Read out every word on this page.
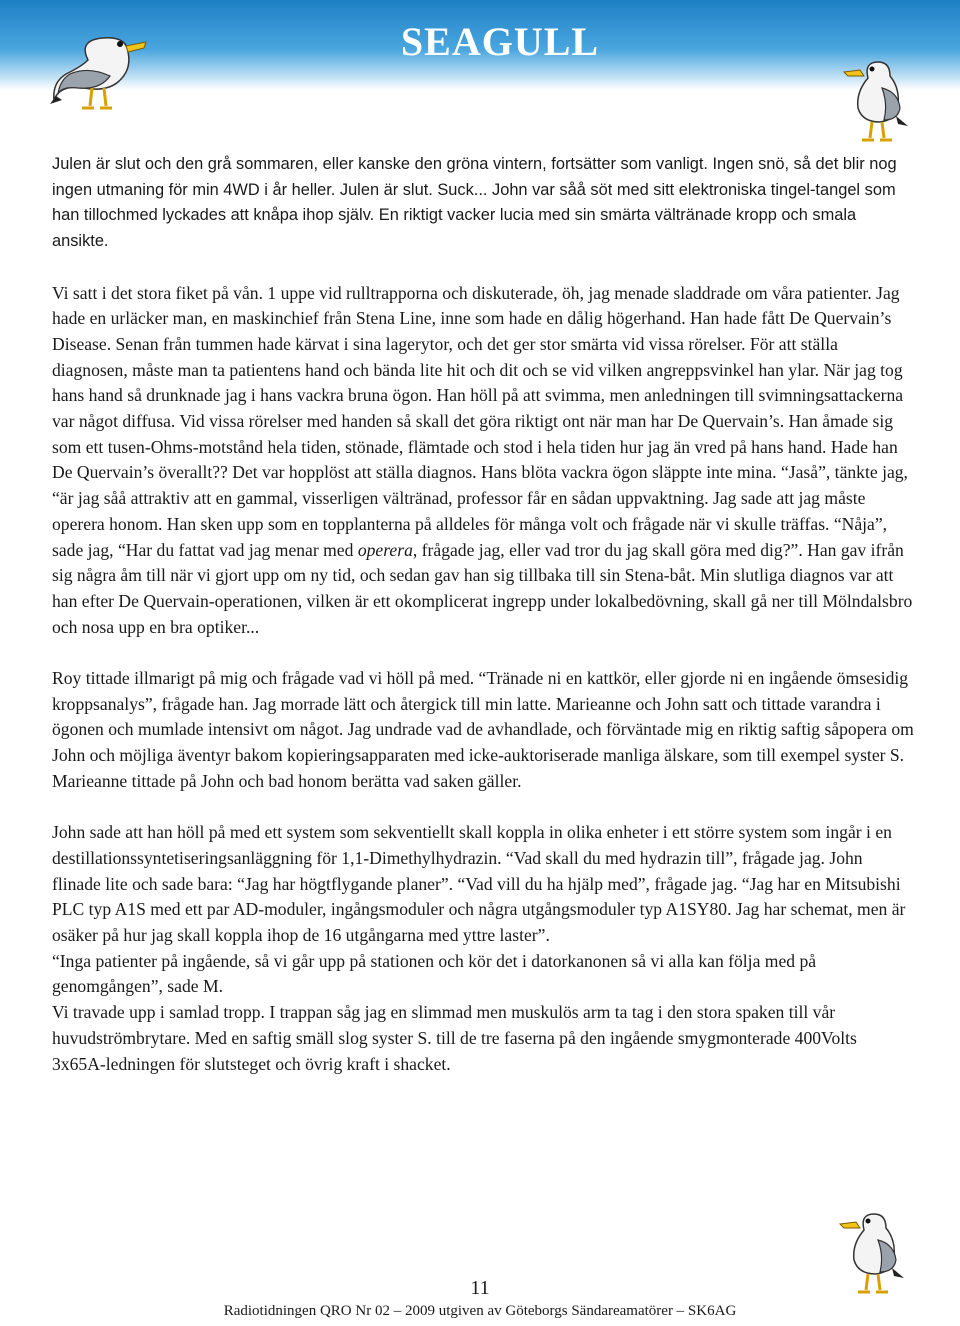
SEAGULL

Julen är slut och den grå sommaren, eller kanske den gröna vintern, fortsätter som vanligt. Ingen snö, så det blir nog ingen utmaning för min 4WD i år heller. Julen är slut. Suck... John var såå söt med sitt elektroniska tingel-tangel som han tillochmed lyckades att knåpa ihop själv. En riktigt vacker lucia med sin smärta vältränade kropp och smala ansikte.

Vi satt i det stora fiket på vån. 1 uppe vid rulltrapporna och diskuterade, öh, jag menade sladdrade om våra patienter. Jag hade en urläcker man, en maskinchief från Stena Line, inne som hade en dålig högerhand. Han hade fått De Quervain’s Disease. Senan från tummen hade kärvat i sina lagerytor, och det ger stor smärta vid vissa rörelser. För att ställa diagnosen, måste man ta patientens hand och bända lite hit och dit och se vid vilken angreppsvinkel han ylar. När jag tog hans hand så drunknade jag i hans vackra bruna ögon. Han höll på att svimma, men anledningen till svimningsattackerna var något diffusa. Vid vissa rörelser med handen så skall det göra riktigt ont när man har De Quervain’s. Han åmade sig som ett tusen-Ohms-motstånd hela tiden, stönade, flämtade och stod i hela tiden hur jag än vred på hans hand. Hade han De Quervain’s överallt?? Det var hopplöst att ställa diagnos. Hans blöta vackra ögon släppte inte mina. “Jaså”, tänkte jag, “är jag såå attraktiv att en gammal, visserligen vältränad, professor får en sådan uppvaktning. Jag sade att jag måste operera honom. Han sken upp som en topplanterna på alldeles för många volt och frågade när vi skulle träffas. “Nåja”, sade jag, “Har du fattat vad jag menar med operera, frågade jag, eller vad tror du jag skall göra med dig?”. Han gav ifrån sig några åm till när vi gjort upp om ny tid, och sedan gav han sig tillbaka till sin Stena-båt. Min slutliga diagnos var att han efter De Quervain-operationen, vilken är ett okomplicerat ingrepp under lokalbedövning, skall gå ner till Mölndalsbro och nosa upp en bra optiker...

Roy tittade illmarigt på mig och frågade vad vi höll på med. “Tränade ni en kattkör, eller gjorde ni en ingående ömsesidig kroppsanalys”, frågade han. Jag morrade lätt och återgick till min latte. Marieanne och John satt och tittade varandra i ögonen och mumlade intensivt om något. Jag undrade vad de avhandlade, och förväntade mig en riktig saftig såpopera om John och möjliga äventyr bakom kopieringsapparaten med icke-auktoriserade manliga älskare, som till exempel syster S. Marieanne tittade på John och bad honom berätta vad saken gäller.

John sade att han höll på med ett system som sekventiellt skall koppla in olika enheter i ett större system som ingår i en destillationssyntetiseringsanläggning för 1,1-Dimethylhydrazin. “Vad skall du med hydrazin till”, frågade jag. John flinade lite och sade bara: “Jag har högtflygande planer”. “Vad vill du ha hjälp med”, frågade jag. “Jag har en Mitsubishi PLC typ A1S med ett par AD-moduler, ingångsmoduler och några utgångsmoduler typ A1SY80. Jag har schemat, men är osäker på hur jag skall koppla ihop de 16 utgångarna med yttre laster”.

“Inga patienter på ingående, så vi går upp på stationen och kör det i datorkanonen så vi alla kan följa med på genomgången”, sade M.

Vi travade upp i samlad tropp. I trappan såg jag en slimmad men muskulös arm ta tag i den stora spaken till vår huvudströmbrytare. Med en saftig smäll slog syster S. till de tre faserna på den ingående smygmonterade 400Volts 3x65A-ledningen för slutsteget och övrig kraft i shacket.

11
Radiotidningen QRO Nr 02 – 2009 utgiven av Göteborgs Sändareamatörer – SK6AG
